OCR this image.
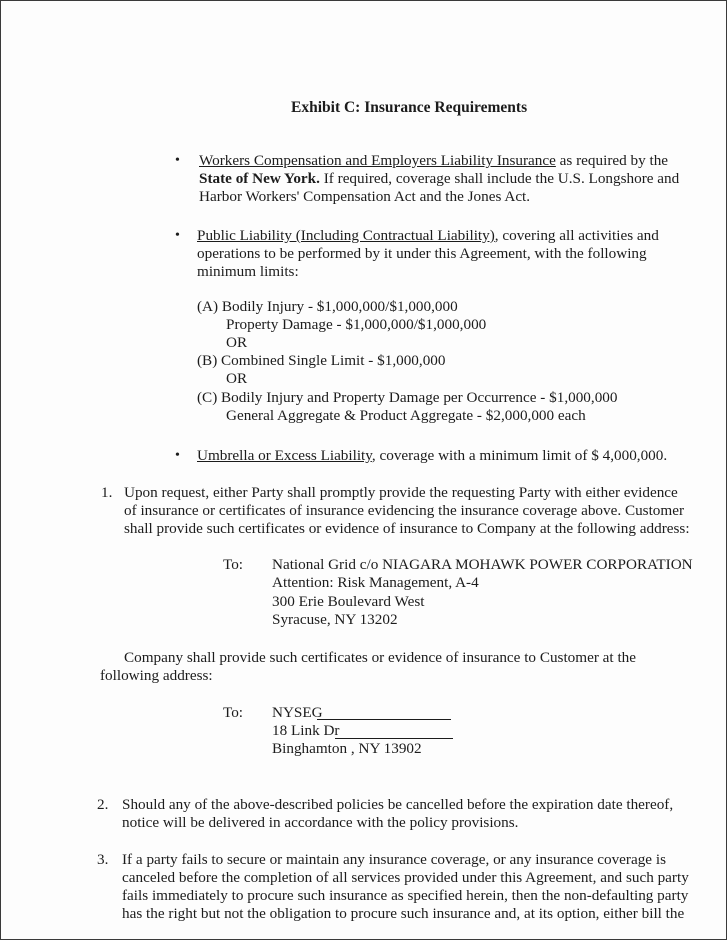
Exhibit C: Insurance Requirements
• Workers Compensation and Employers Liability Insurance as required by the
State of New York. If required, coverage shall include the U.S. Longshore and
Harbor Workers' Compensation Act and the Jones Act.
• Public Liability (Including Contractual Liability), covering all activities and
operations to be performed by it under this Agreement, with the following
minimum limits:
(A) Bodily Injury - $1,000,000/$1,000,000
Property Damage - $1,000,000/$1,000,000
OR
(B) Combined Single Limit - $1,000,000
OR
(C) Bodily Injury and Property Damage per Occurrence - $1,000,000
General Aggregate & Product Aggregate - $2,000,000 each
• Umbrella or Excess Liability, coverage with a minimum limit of $ 4,000,000.
1. Upon request, either Party shall promptly provide the requesting Party with either evidence
of insurance or certificates of insurance evidencing the insurance coverage above. Customer
shall provide such certificates or evidence of insurance to Company at the following address:
To: National Grid c/o NIAGARA MOHAWK POWER CORPORATION
Attention: Risk Management, A-4
300 Erie Boulevard West
Syracuse, NY 13202
Company shall provide such certificates or evidence of insurance to Customer at the
following address:
To: NYSEG
18 Link Dr
Binghamton , NY 13902
2. Should any of the above-described policies be cancelled before the expiration date thereof,
notice will be delivered in accordance with the policy provisions.
3. If a party fails to secure or maintain any insurance coverage, or any insurance coverage is
canceled before the completion of all services provided under this Agreement, and such party
fails immediately to procure such insurance as specified herein, then the non-defaulting party
has the right but not the obligation to procure such insurance and, at its option, either bill the
